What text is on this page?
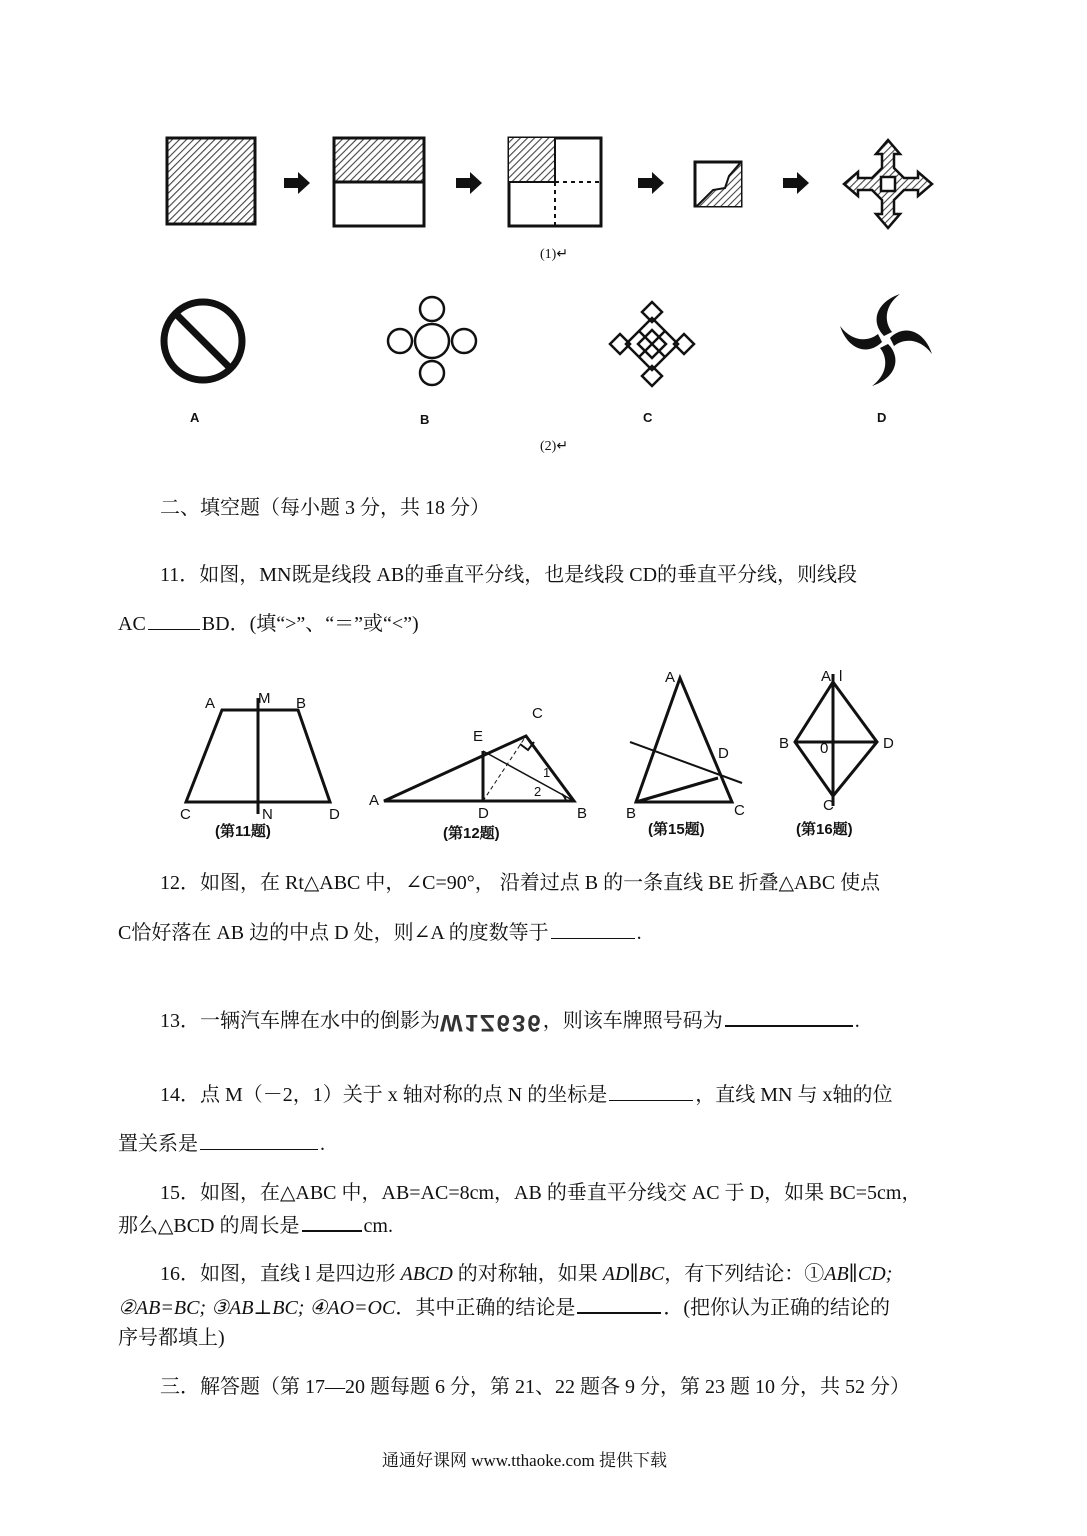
(1)↵
A	B	C	D
(2)↵
二、填空题（每小题 3 分，共 18 分）
11．如图，MN既是线段 AB的垂直平分线，也是线段 CD的垂直平分线，则线段
AC	BD．(填“>”、“＝”或“<”)
A	M B
C	N	D
(第11题)
C
E
A
D	B
1
2
(第12题)
A
D
B	C
(第15题)
A l
B 0	D
C
(第16题)
12．如图，在 Rt△ABC 中，∠C=90°， 沿着过点 B 的一条直线 BE 折叠△ABC 使点
C恰好落在 AB 边的中点 D 处，则∠A 的度数等于	.
13．一辆汽车牌在水中的倒影为W1Z636，则该车牌照号码为	.
14．点 M（－2，1）关于 x 轴对称的点 N 的坐标是	，直线 MN 与 x轴的位
置关系是	.
15．如图，在△ABC 中，AB=AC=8cm，AB 的垂直平分线交 AC 于 D，如果 BC=5cm，
那么△BCD 的周长是	cm.
16．如图，直线 l 是四边形 ABCD 的对称轴，如果 AD∥BC，有下列结论：①AB∥CD;
②AB=BC; ③AB⊥BC; ④AO=OC．其中正确的结论是	．(把你认为正确的结论的
序号都填上)
三．解答题（第 17—20 题每题 6 分，第 21、22 题各 9 分，第 23 题 10 分，共 52 分）
通通好课网 www.tthaoke.com 提供下载
